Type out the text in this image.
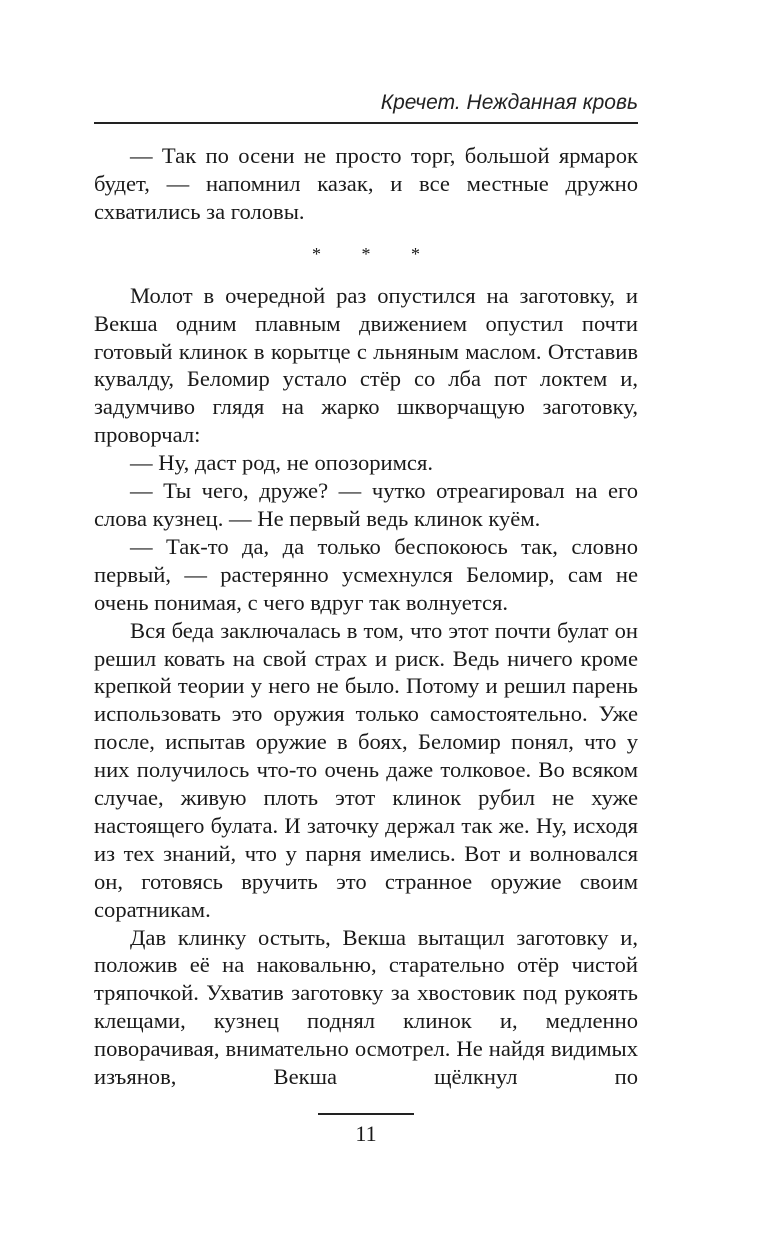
Кречет. Нежданная кровь

— Так по осени не просто торг, большой ярмарок будет, — напомнил казак, и все местные дружно схватились за головы.

* * *

Молот в очередной раз опустился на заготовку, и Векша одним плавным движением опустил почти готовый клинок в корытце с льняным маслом. Отставив кувалду, Беломир устало стёр со лба пот локтем и, задумчиво глядя на жарко шкворчащую заготовку, проворчал:

— Ну, даст род, не опозоримся.

— Ты чего, друже? — чутко отреагировал на его слова кузнец. — Не первый ведь клинок куём.

— Так-то да, да только беспокоюсь так, словно первый, — растерянно усмехнулся Беломир, сам не очень понимая, с чего вдруг так волнуется.

Вся беда заключалась в том, что этот почти булат он решил ковать на свой страх и риск. Ведь ничего кроме крепкой теории у него не было. Потому и решил парень использовать это оружия только самостоятельно. Уже после, испытав оружие в боях, Беломир понял, что у них получилось что-то очень даже толковое. Во всяком случае, живую плоть этот клинок рубил не хуже настоящего булата. И заточку держал так же. Ну, исходя из тех знаний, что у парня имелись. Вот и волновался он, готовясь вручить это странное оружие своим соратникам.

Дав клинку остыть, Векша вытащил заготовку и, положив её на наковальню, старательно отёр чистой тряпочкой. Ухватив заготовку за хвостовик под рукоять клещами, кузнец поднял клинок и, медленно поворачивая, внимательно осмотрел. Не найдя видимых изъянов, Векша щёлкнул по

11
